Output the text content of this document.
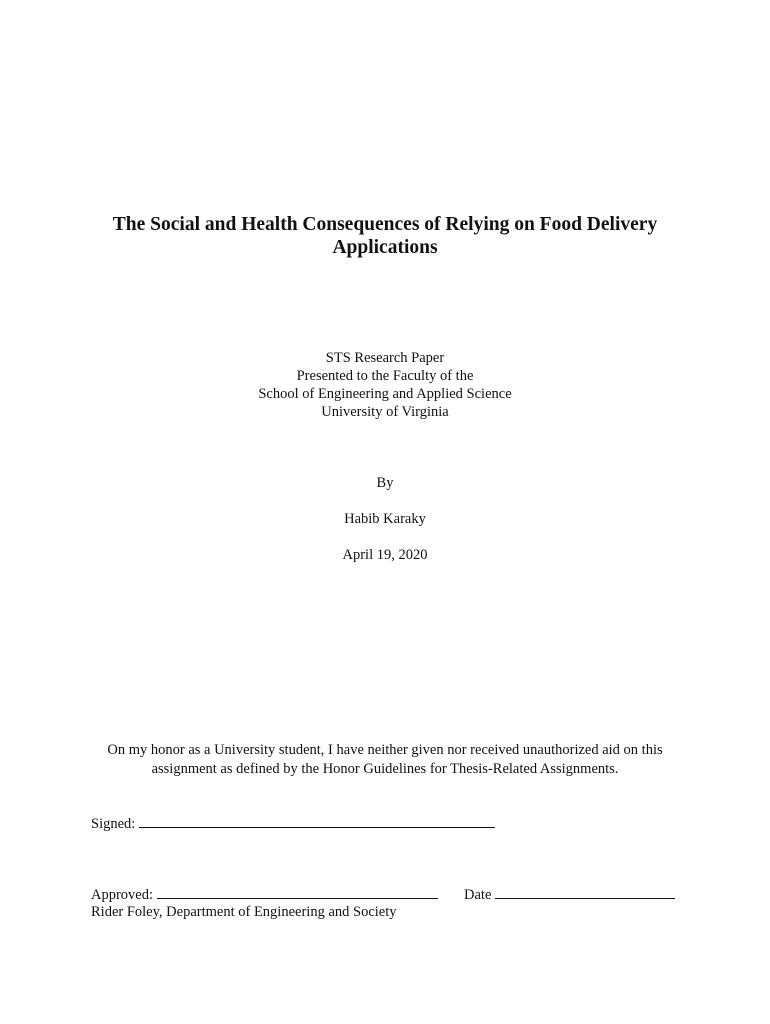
The Social and Health Consequences of Relying on Food Delivery
Applications
STS Research Paper
Presented to the Faculty of the
School of Engineering and Applied Science
University of Virginia
By
Habib Karaky
April 19, 2020
On my honor as a University student, I have neither given nor received unauthorized aid on this
assignment as defined by the Honor Guidelines for Thesis-Related Assignments.
Signed:
Approved:	Date
Rider Foley, Department of Engineering and Society
